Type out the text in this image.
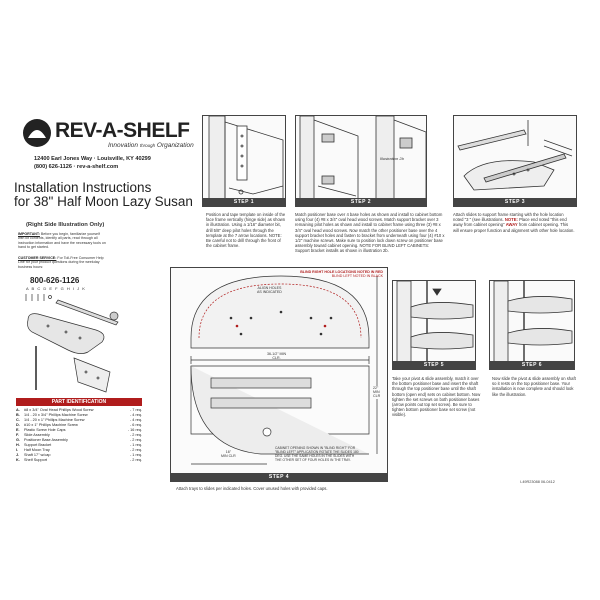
REV-A-SHELF
Innovation through Organization
12400 Earl Jones Way · Louisville, KY 40299
(800) 626-1126 · rev-a-shelf.com
Installation Instructions
for 38" Half Moon Lazy Susan
(Right Side Illustration Only)
IMPORTANT: Before you begin, familiarize yourself with kit contents, identify all parts, read through all instruction information and have the necessary tools on hand to get started.
CUSTOMER SERVICE: For Toll-Free Consumer Help Line for your product questions during the weekday business hours:
800-626-1126
A B C D E F G H I J K
PART IDENTIFICATION
A.	#8 x 3/4" Oval Head Phillips Wood Screw	- 7 req.
B.	1/4 - 20 x 3/4" Phillips Machine Screw	- 4 req.
C.	1/4 - 20 x 1" Phillips Machine Screw	- 4 req.
D.	#10 x 1" Phillips Machine Screw	- 6 req.
E.	Plastic Screw Hole Caps	- 16 req.
F.	Slide Assembly	- 2 req.
G.	Positioner Base Assembly	- 2 req.
H.	Support Bracket	- 1 req.
I.	Half Moon Tray	- 2 req.
J.	Shaft 17" w/cap	- 1 req.
K.	Shelf Support	- 2 req.
STEP 1
Position and tape template on inside of the face frame vertically (hinge side) as shown in illustration. Using a 1/16" diameter bit, drill 5/8" deep pilot holes through the template at the 7 arrow locations. NOTE: Be careful not to drill through the front of the cabinet frame.
Illustration 2b
STEP 2
Match positioner base over 4 base holes as shown and install to cabinet bottom using four (4) #8 x 3/4" oval head wood screws. Match support bracket over 3 remaining pilot holes as shown and install to cabinet frame using three (3) #8 x 3/4" oval head wood screws. Now match the other positioner base over the 4 support bracket holes and fasten to bracket from underneath using four (4) #10 x 1/2" machine screws. Make sure to position lock down screw on positioner base assembly toward cabinet opening. NOTE FOR BLIND LEFT CABINETS: Support bracket installs as shown in illustration 2b.
STEP 3
Attach slides to support frame starting with the hole location noted "3 " (see illustrations. NOTE: Place end noted "this end away from cabinet opening" AWAY from cabinet opening. This will ensure proper function and alignment with other hole location.
BLIND RIGHT HOLE LOCATIONS NOTED IN RED
BLIND LEFT NOTED IN BLACK
ALIGN HOLES
AS INDICATED
36-1/2" MIN
CLR.
22"
MIN CLR
16"
MIN CLR
CABINET OPENING SHOWN IN "BLIND RIGHT" FOR "BLIND LEFT" APPLICATION ROTATE THE SLIDES 180 DEG. USE THE SAME HOLES IN THE SLIDES WITH THE OTHER SET OF FOUR HOLES IN THE TRAY.
STEP 4
Attach trays to slides per indicated holes. Cover unused holes with provided caps.
STEP 5
Take your pivot & slide assembly, match it over the bottom positioner base and insert the shaft through the top positioner base until the shaft bottom (open end) sets on cabinet bottom. Now tighten the set screws on both positioner bases (arrow points out top set screw). Be sure to tighten bottom positioner base set screw (not visible).
STEP 6
Now slide the pivot & slide assembly on shaft so it rests on the top positioner base. Your installation is now complete and should look like the illustration.
I-49R23088 06-0412
